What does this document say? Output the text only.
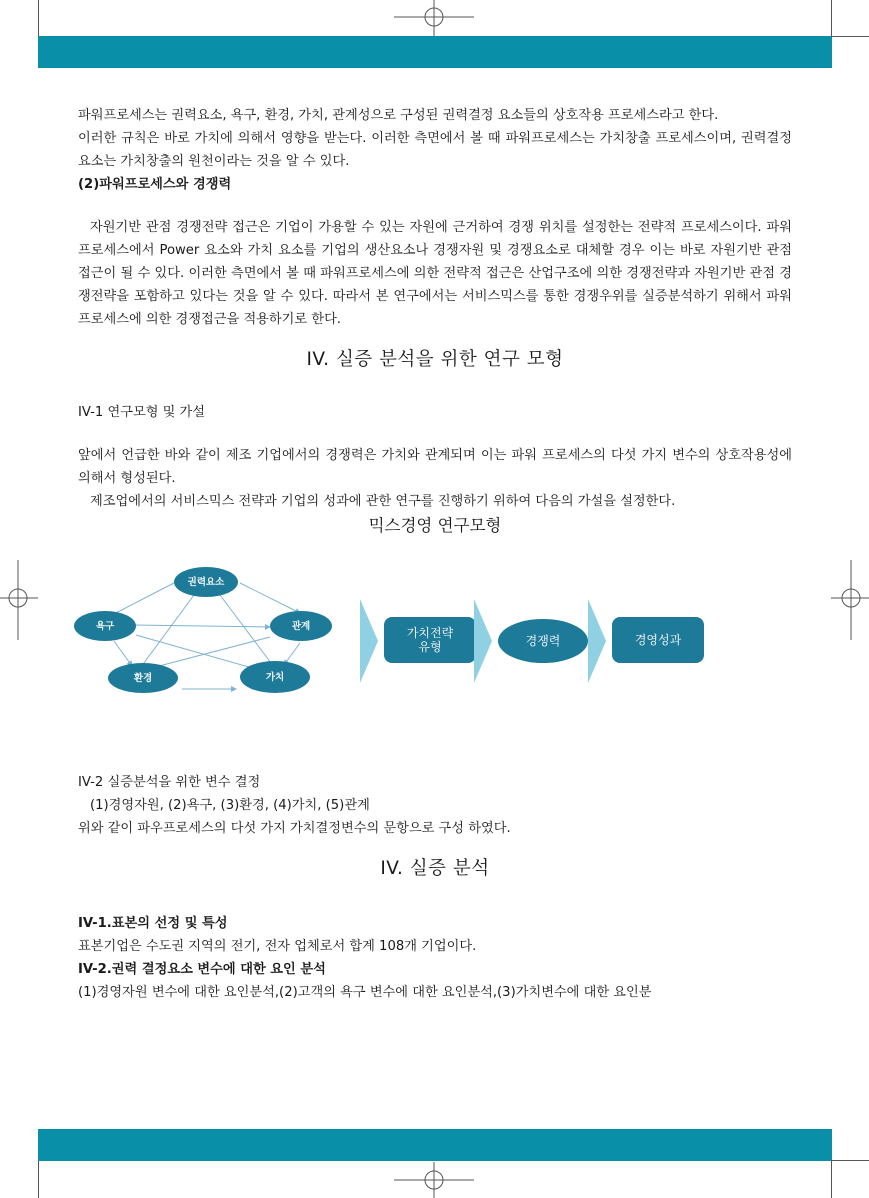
파워프로세스는 권력요소, 욕구, 환경, 가치, 관계성으로 구성된 권력결정 요소들의 상호작용 프로세스라고 한다.

이러한 규칙은 바로 가치에 의해서 영향을 받는다. 이러한 측면에서 볼 때 파워프로세스는 가치창출 프로세스이며, 권력결정요소는 가치창출의 원천이라는 것을 알 수 있다.

(2)파워프로세스와 경쟁력

자원기반 관점 경쟁전략 접근은 기업이 가용할 수 있는 자원에 근거하여 경쟁 위치를 설정한는 전략적 프로세스이다. 파워프로세스에서 Power 요소와 가치 요소를 기업의 생산요소나 경쟁자원 및 경쟁요소로 대체할 경우 이는 바로 자원기반 관점 접근이 될 수 있다. 이러한 측면에서 볼 때 파워프로세스에 의한 전략적 접근은 산업구조에 의한 경쟁전략과 자원기반 관점 경쟁전략을 포함하고 있다는 것을 알 수 있다. 따라서 본 연구에서는 서비스믹스를 통한 경쟁우위를 실증분석하기 위해서 파워프로세스에 의한 경쟁접근을 적용하기로 한다.

IV. 실증 분석을 위한 연구 모형

IV-1 연구모형 및 가설

앞에서 언급한 바와 같이 제조 기업에서의 경쟁력은 가치와 관계되며 이는 파워 프로세스의 다섯 가지 변수의 상호작용성에 의해서 형성된다.

제조업에서의 서비스믹스 전략과 기업의 성과에 관한 연구를 진행하기 위하여 다음의 가설을 설정한다.

믹스경영 연구모형

권력요소
욕구	관계
환경	가치
가치전략
유형	경쟁력	경영성과

IV-2 실증분석을 위한 변수 결정

(1)경영자원, (2)욕구, (3)환경, (4)가치, (5)관계

위와 같이 파우프로세스의 다섯 가지 가치결정변수의 문항으로 구성 하였다.

IV. 실증 분석

IV-1.표본의 선정 및 특성

표본기업은 수도권 지역의 전기, 전자 업체로서 합계 108개 기업이다.

IV-2.권력 결정요소 변수에 대한 요인 분석

(1)경영자원 변수에 대한 요인분석,(2)고객의 욕구 변수에 대한 요인분석,(3)가치변수에 대한 요인분
